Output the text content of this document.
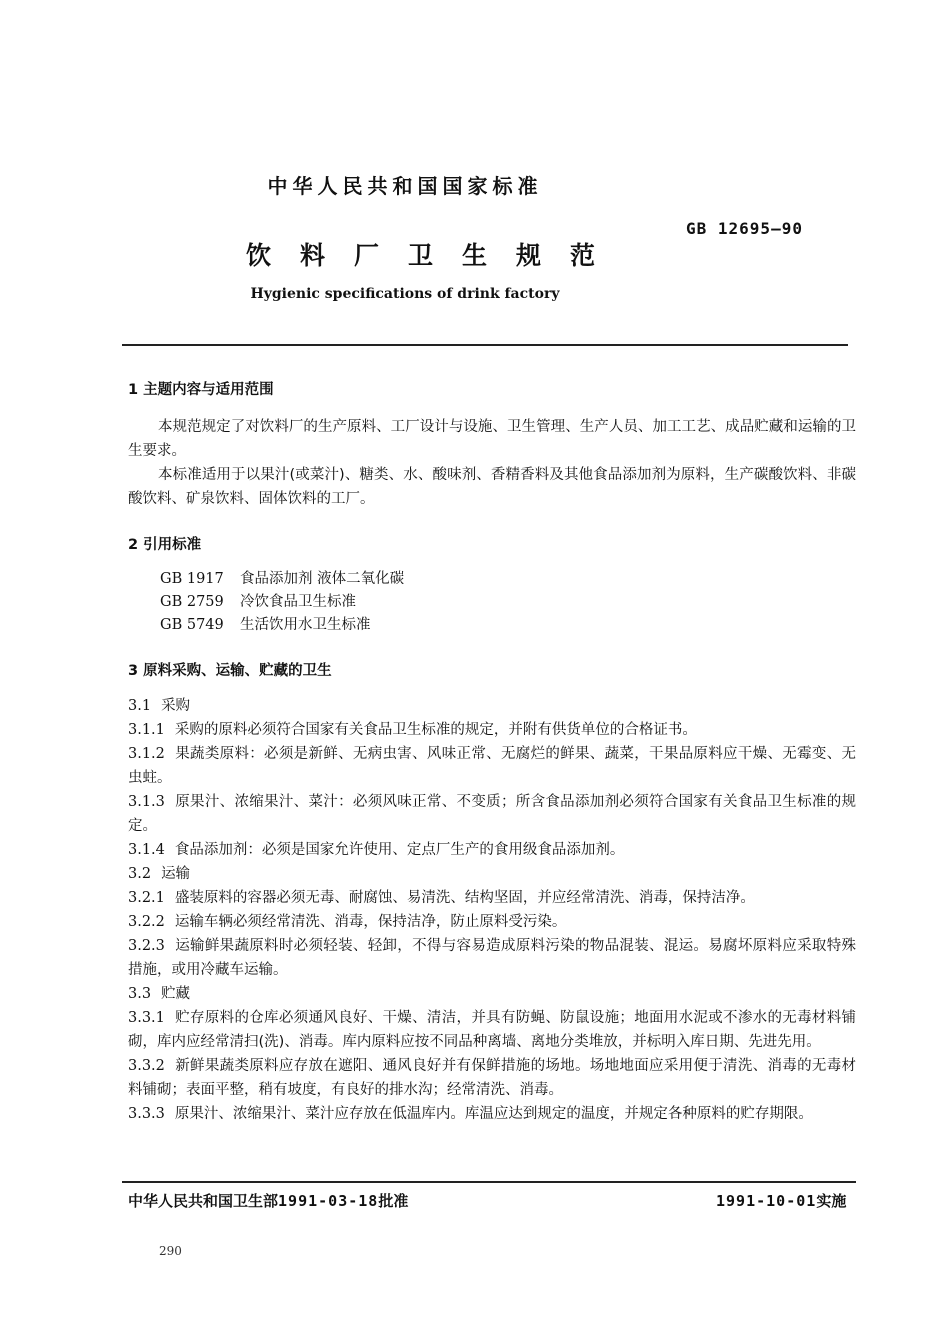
中华人民共和国国家标准
GB 12695—90
饮料厂卫生规范
Hygienic specifications of drink factory
1 主题内容与适用范围

本规范规定了对饮料厂的生产原料、工厂设计与设施、卫生管理、生产人员、加工工艺、成品贮藏和运输的卫生要求。

本标准适用于以果汁(或菜汁)、糖类、水、酸味剂、香精香料及其他食品添加剂为原料，生产碳酸饮料、非碳酸饮料、矿泉饮料、固体饮料的工厂。

2 引用标准
GB 1917 食品添加剂 液体二氧化碳
GB 2759 冷饮食品卫生标准
GB 5749 生活饮用水卫生标准
3 原料采购、运输、贮藏的卫生

3.1 采购

3.1.1 采购的原料必须符合国家有关食品卫生标准的规定，并附有供货单位的合格证书。

3.1.2 果蔬类原料：必须是新鲜、无病虫害、风味正常、无腐烂的鲜果、蔬菜，干果品原料应干燥、无霉变、无虫蛀。

3.1.3 原果汁、浓缩果汁、菜汁：必须风味正常、不变质；所含食品添加剂必须符合国家有关食品卫生标准的规定。

3.1.4 食品添加剂：必须是国家允许使用、定点厂生产的食用级食品添加剂。

3.2 运输

3.2.1 盛装原料的容器必须无毒、耐腐蚀、易清洗、结构坚固，并应经常清洗、消毒，保持洁净。

3.2.2 运输车辆必须经常清洗、消毒，保持洁净，防止原料受污染。

3.2.3 运输鲜果蔬原料时必须轻装、轻卸，不得与容易造成原料污染的物品混装、混运。易腐坏原料应采取特殊措施，或用冷藏车运输。

3.3 贮藏

3.3.1 贮存原料的仓库必须通风良好、干燥、清洁，并具有防蝇、防鼠设施；地面用水泥或不渗水的无毒材料铺砌，库内应经常清扫(洗)、消毒。库内原料应按不同品种离墙、离地分类堆放，并标明入库日期、先进先用。

3.3.2 新鲜果蔬类原料应存放在遮阳、通风良好并有保鲜措施的场地。场地地面应采用便于清洗、消毒的无毒材料铺砌；表面平整，稍有坡度，有良好的排水沟；经常清洗、消毒。

3.3.3 原果汁、浓缩果汁、菜汁应存放在低温库内。库温应达到规定的温度，并规定各种原料的贮存期限。

中华人民共和国卫生部1991-03-18批准	1991-10-01实施
290
